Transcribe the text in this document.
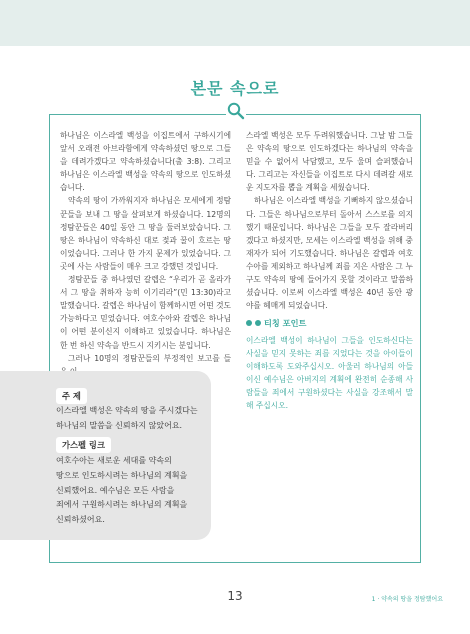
본문 속으로

하나님은 이스라엘 백성을 이집트에서 구하시기에 앞서 오래전 아브라함에게 약속하셨던 땅으로 그들을 데려가겠다고 약속하셨습니다(출 3:8). 그리고 하나님은 이스라엘 백성을 약속의 땅으로 인도하셨습니다.

약속의 땅이 가까워지자 하나님은 모세에게 정탐꾼들을 보내 그 땅을 살펴보게 하셨습니다. 12명의 정탐꾼들은 40일 동안 그 땅을 둘러보았습니다. 그 땅은 하나님이 약속하신 대로 젖과 꿀이 흐르는 땅이었습니다. 그러나 한 가지 문제가 있었습니다. 그곳에 사는 사람들이 매우 크고 강했던 것입니다.

정탐꾼들 중 하나였던 갈렙은 “우리가 곧 올라가서 그 땅을 취하자 능히 이기리라”(민 13:30)라고 말했습니다. 갈렙은 하나님이 함께하시면 어떤 것도 가능하다고 믿었습니다. 여호수아와 갈렙은 하나님이 어떤 분이신지 이해하고 있었습니다. 하나님은 한 번 하신 약속을 반드시 지키시는 분입니다.

그러나 10명의 정탐꾼들의 부정적인 보고를 들

스라엘 백성은 모두 두려워했습니다. 그날 밤 그들은 약속의 땅으로 인도하겠다는 하나님의 약속을 믿을 수 없어서 낙담했고, 모두 울며 슬퍼했습니다. 그리고는 자신들을 이집트로 다시 데려갈 새로운 지도자를 뽑을 계획을 세웠습니다.

하나님은 이스라엘 백성을 기뻐하지 않으셨습니다. 그들은 하나님으로부터 돌아서 스스로를 의지했기 때문입니다. 하나님은 그들을 모두 잘라버리겠다고 하셨지만, 모세는 이스라엘 백성을 위해 중재자가 되어 기도했습니다. 하나님은 갈렙과 여호수아를 제외하고 하나님께 죄를 지은 사람은 그 누구도 약속의 땅에 들어가지 못할 것이라고 말씀하셨습니다. 이로써 이스라엘 백성은 40년 동안 광야를 헤매게 되었습니다.

티칭 포인트
이스라엘 백성이 하나님이 그들을 인도하신다는 사실을 믿지 못하는 죄를 지었다는 것을 아이들이 이해하도록 도와주십시오. 아울러 하나님의 아들이신 예수님은 아버지의 계획에 완전히 순종해 사람들을 죄에서 구원하셨다는 사실을 강조해서 말해 주십시오.
주 제

이스라엘 백성은 약속의 땅을 주시겠다는

하나님의 말씀을 신뢰하지 않았어요.

가스펠 링크

여호수아는 새로운 세대를 약속의

땅으로 인도하시려는 하나님의 계획을

신뢰했어요. 예수님은 모든 사람을

죄에서 구원하시려는 하나님의 계획을

신뢰하셨어요.

13	1 · 약속의 땅을 정탐했어요
